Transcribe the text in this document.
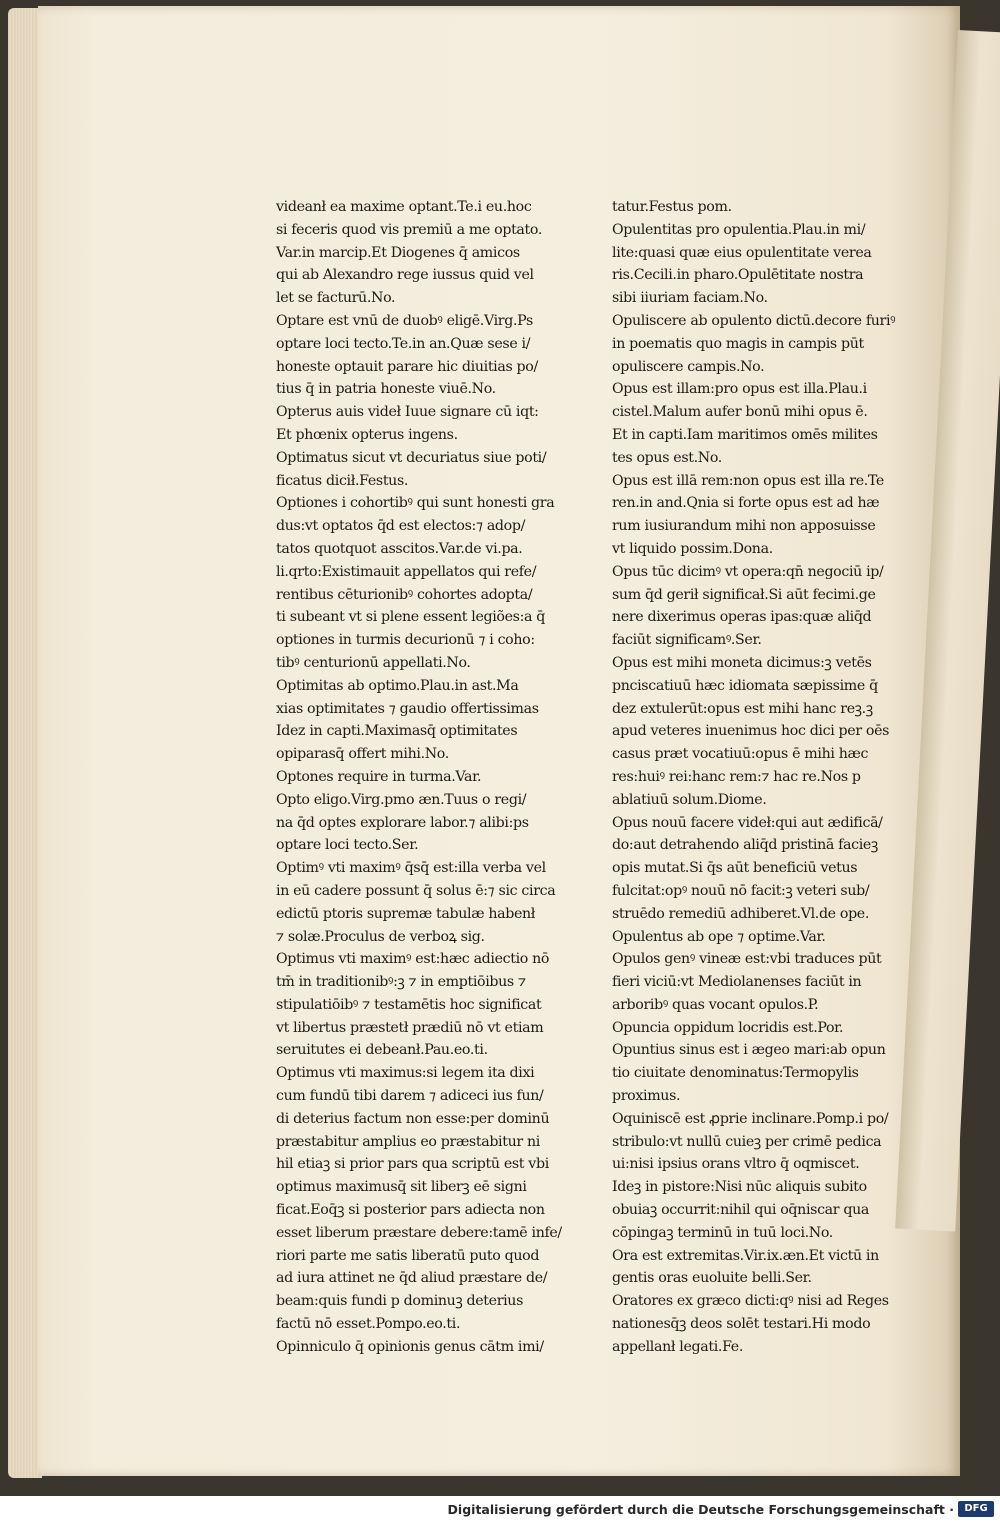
videanł ea maxime optant.Te.i eu.hoc
si feceris quod vis premiū a me optato.
Var.in marcip.Et Diogenes q̄ amicos
qui ab Alexandro rege iussus quid vel
let se facturū.No.
Optare est vnū de duobꝰ eligē.Virg.Ps
optare loci tecto.Te.in an.Quæ sese i/
honeste optauit parare hic diuitias po/
tius q̄ in patria honeste viuē.No.
Opterus auis videł Iuue signare cū iqt:
Et phœnix opterus ingens.
Optimatus sicut vt decuriatus siue poti/
ficatus dicił.Festus.
Optiones i cohortibꝰ qui sunt honesti gra
dus:vt optatos q̄d est electos:⁊ adop/
tatos quotquot asscitos.Var.de vi.pa.
li.qrto:Existimauit appellatos qui refe/
rentibus cēturionibꝰ cohortes adopta/
ti subeant vt si plene essent legiões:a q̄
optiones in turmis decurionū ⁊ i coho:
tibꝰ centurionū appellati.No.
Optimitas ab optimo.Plau.in ast.Ma
xias optimitates ⁊ gaudio offertissimas
Idez in capti.Maximasq̄ optimitates
opiparasq̄ offert mihi.No.
Optones require in turma.Var.
Opto eligo.Virg.pmo æn.Tuus o regi/
na q̄d optes explorare labor.⁊ alibi:ps
optare loci tecto.Ser.
Optimꝰ vti maximꝰ q̄sq̄ est:illa verba vel
in eū cadere possunt q̄ solus ē:⁊ sic circa
edictū ptoris supremæ tabulæ habenł
⁊ solæ.Proculus de verboꝝ sig.
Optimus vti maximꝰ est:hæc adiectio nō
tm̄ in traditionibꝰ:ꝫ ⁊ in emptiōibus ⁊
stipulatiōibꝰ ⁊ testamētis hoc significat
vt libertus præstetł prædiū nō vt etiam
seruitutes ei debeanł.Pau.eo.ti.
Optimus vti maximus:si legem ita dixi
cum fundū tibi darem ⁊ adiceci ius fun/
di deterius factum non esse:per dominū
præstabitur amplius eo præstabitur ni
hil etiaꝫ si prior pars qua scriptū est vbi
optimus maximusq̄ sit liberꝫ eē signi
ficat.Eoq̄ꝫ si posterior pars adiecta non
esset liberum præstare debere:tamē infe/
riori parte me satis liberatū puto quod
ad iura attinet ne q̄d aliud præstare de/
beam:quis fundi p dominuꝫ deterius
factū nō esset.Pompo.eo.ti.
Opinniculo q̄ opinionis genus cātm imi/
tatur.Festus pom.
Opulentitas pro opulentia.Plau.in mi/
lite:quasi quæ eius opulentitate verea
ris.Cecili.in pharo.Opulētitate nostra
sibi iiuriam faciam.No.
Opuliscere ab opulento dictū.decore furiꝰ
in poematis quo magis in campis pūt
opuliscere campis.No.
Opus est illam:pro opus est illa.Plau.i
cistel.Malum aufer bonū mihi opus ē.
Et in capti.Iam maritimos omēs milites
tes opus est.No.
Opus est illā rem:non opus est illa re.Te
ren.in and.Qnia si forte opus est ad hæ
rum iusiurandum mihi non apposuisse
vt liquido possim.Dona.
Opus tūc dicimꝰ vt opera:qn̄ negociū ip/
sum q̄d gerił significał.Si aūt fecimi.ge
nere dixerimus operas ipas:quæ aliq̄d
faciūt significamꝰ.Ser.
Opus est mihi moneta dicimus:ꝫ vetēs
pnciscatiuū hæc idiomata sæpissime q̄
dez extulerūt:opus est mihi hanc reꝫ.ꝫ
apud veteres inuenimus hoc dici per oēs
casus præt vocatiuū:opus ē mihi hæc
res:huiꝰ rei:hanc rem:⁊ hac re.Nos p
ablatiuū solum.Diome.
Opus nouū facere videł:qui aut ædificā/
do:aut detrahendo aliq̄d pristinā facieꝫ
opis mutat.Si q̄s aūt beneficiū vetus
fulcitat:opꝰ nouū nō facit:ꝫ veteri sub/
struēdo remediū adhiberet.Vl.de ope.
Opulentus ab ope ⁊ optime.Var.
Opulos genꝰ vineæ est:vbi traduces pūt
fieri viciū:vt Mediolanenses faciūt in
arboribꝰ quas vocant opulos.P.
Opuncia oppidum locridis est.Por.
Opuntius sinus est i ægeo mari:ab opun
tio ciuitate denominatus:Termopylis
proximus.
Oquiniscē est ꝓprie inclinare.Pomp.i po/
stribulo:vt nullū cuieꝫ per crimē pedica
ui:nisi ipsius orans vltro q̄ oqmiscet.
Ideꝫ in pistore:Nisi nūc aliquis subito
obuiaꝫ occurrit:nihil qui oq̄niscar qua
cōpingaꝫ terminū in tuū loci.No.
Ora est extremitas.Vir.ix.æn.Et victū in
gentis oras euoluite belli.Ser.
Oratores ex græco dicti:qꝰ nisi ad Reges
nationesq̄ꝫ deos solēt testari.Hi modo
appellanł legati.Fe.
Digitalisierung gefördert durch die Deutsche Forschungsgemeinschaft ·	DFG
